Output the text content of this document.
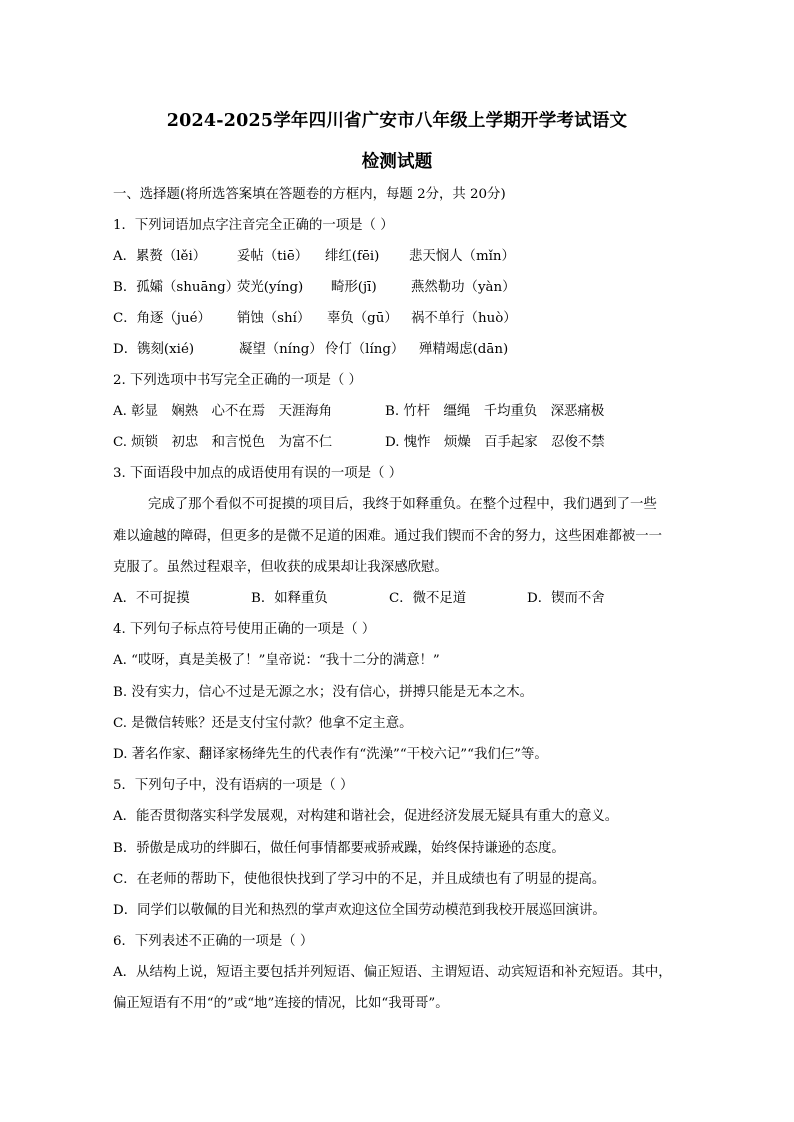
2024-2025学年四川省广安市八年级上学期开学考试语文
检测试题
一、选择题(将所选答案填在答题卷的方框内，每题 2分，共 20分)
1．下列词语加点字注音完全正确的一项是（ ）
A．累赘（lěi） 妥帖（tiē） 绯红(fēi) 悲天悯人（mǐn）
B．孤孀（shuāng）
荧光(yíng) 畸形(jī)	燕然勒功（yàn）
C．角逐（jué） 销蚀（shí） 辜负（gū） 祸不单行（huò）
D．镌刻(xié)	凝望（níng） 伶仃（líng） 殚精竭虑(dān)
2. 下列选项中书写完全正确的一项是（ ）
A. 彰显　娴熟　心不在焉　天涯海角	B. 竹杆　缰绳　千均重负　深恶痛极
C. 烦锁　初忠　和言悦色　为富不仁	D. 愧怍　烦燥　百手起家　忍俊不禁
3. 下面语段中加点的成语使用有误的一项是（ ）
完成了那个看似不可捉摸的项目后，我终于如释重负。在整个过程中，我们遇到了一些
难以逾越的障碍，但更多的是微不足道的困难。通过我们锲而不舍的努力，这些困难都被一一
克服了。虽然过程艰辛，但收获的成果却让我深感欣慰。
A．不可捉摸	B．如释重负	C．微不足道	D．锲而不舍
4. 下列句子标点符号使用正确的一项是（ ）
A. “哎呀，真是美极了！”皇帝说：“我十二分的满意！”
B. 没有实力，信心不过是无源之水；没有信心，拼搏只能是无本之木。
C. 是微信转账？还是支付宝付款？他拿不定主意。
D. 著名作家、翻译家杨绛先生的代表作有“洗澡”“干校六记”“我们仨”等。
5．下列句子中，没有语病的一项是（ ）
A．能否贯彻落实科学发展观，对构建和谐社会，促进经济发展无疑具有重大的意义。
B．骄傲是成功的绊脚石，做任何事情都要戒骄戒躁，始终保持谦逊的态度。
C．在老师的帮助下，使他很快找到了学习中的不足，并且成绩也有了明显的提高。
D．同学们以敬佩的目光和热烈的掌声欢迎这位全国劳动模范到我校开展巡回演讲。
6．下列表述不正确的一项是（ ）
A．从结构上说，短语主要包括并列短语、偏正短语、主谓短语、动宾短语和补充短语。其中，
偏正短语有不用“的”或“地”连接的情况，比如“我哥哥”。
